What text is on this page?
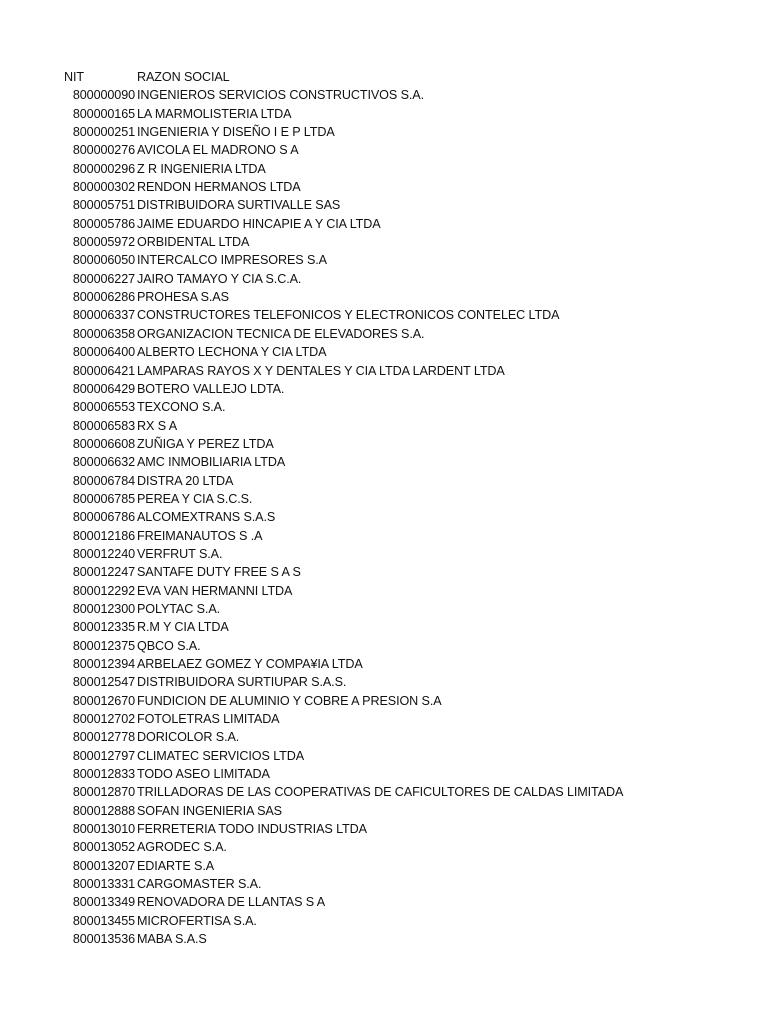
NIT	RAZON SOCIAL
800000090 INGENIEROS SERVICIOS CONSTRUCTIVOS S.A.
800000165 LA MARMOLISTERIA LTDA
800000251 INGENIERIA Y DISEÑO I E P LTDA
800000276 AVICOLA EL MADRONO S A
800000296 Z R INGENIERIA LTDA
800000302 RENDON HERMANOS LTDA
800005751 DISTRIBUIDORA SURTIVALLE SAS
800005786 JAIME EDUARDO HINCAPIE A Y CIA LTDA
800005972 ORBIDENTAL LTDA
800006050 INTERCALCO IMPRESORES S.A
800006227 JAIRO TAMAYO Y CIA S.C.A.
800006286 PROHESA S.AS
800006337 CONSTRUCTORES TELEFONICOS Y ELECTRONICOS CONTELEC LTDA
800006358 ORGANIZACION TECNICA DE ELEVADORES S.A.
800006400 ALBERTO LECHONA Y CIA LTDA
800006421 LAMPARAS RAYOS X Y DENTALES Y CIA LTDA LARDENT LTDA
800006429 BOTERO VALLEJO LDTA.
800006553 TEXCONO S.A.
800006583 RX S A
800006608 ZUÑIGA Y PEREZ LTDA
800006632 AMC INMOBILIARIA LTDA
800006784 DISTRA 20 LTDA
800006785 PEREA Y CIA S.C.S.
800006786 ALCOMEXTRANS S.A.S
800012186 FREIMANAUTOS S .A
800012240 VERFRUT S.A.
800012247 SANTAFE DUTY FREE S A S
800012292 EVA VAN HERMANNI LTDA
800012300 POLYTAC S.A.
800012335 R.M Y CIA LTDA
800012375 QBCO S.A.
800012394 ARBELAEZ GOMEZ Y COMPA¥IA LTDA
800012547 DISTRIBUIDORA SURTIUPAR S.A.S.
800012670 FUNDICION DE ALUMINIO Y COBRE A PRESION S.A
800012702 FOTOLETRAS LIMITADA
800012778 DORICOLOR S.A.
800012797 CLIMATEC SERVICIOS LTDA
800012833 TODO ASEO LIMITADA
800012870 TRILLADORAS DE LAS COOPERATIVAS DE CAFICULTORES DE CALDAS LIMITADA
800012888 SOFAN INGENIERIA SAS
800013010 FERRETERIA TODO INDUSTRIAS LTDA
800013052 AGRODEC S.A.
800013207 EDIARTE S.A
800013331 CARGOMASTER S.A.
800013349 RENOVADORA DE LLANTAS S A
800013455 MICROFERTISA S.A.
800013536 MABA S.A.S
